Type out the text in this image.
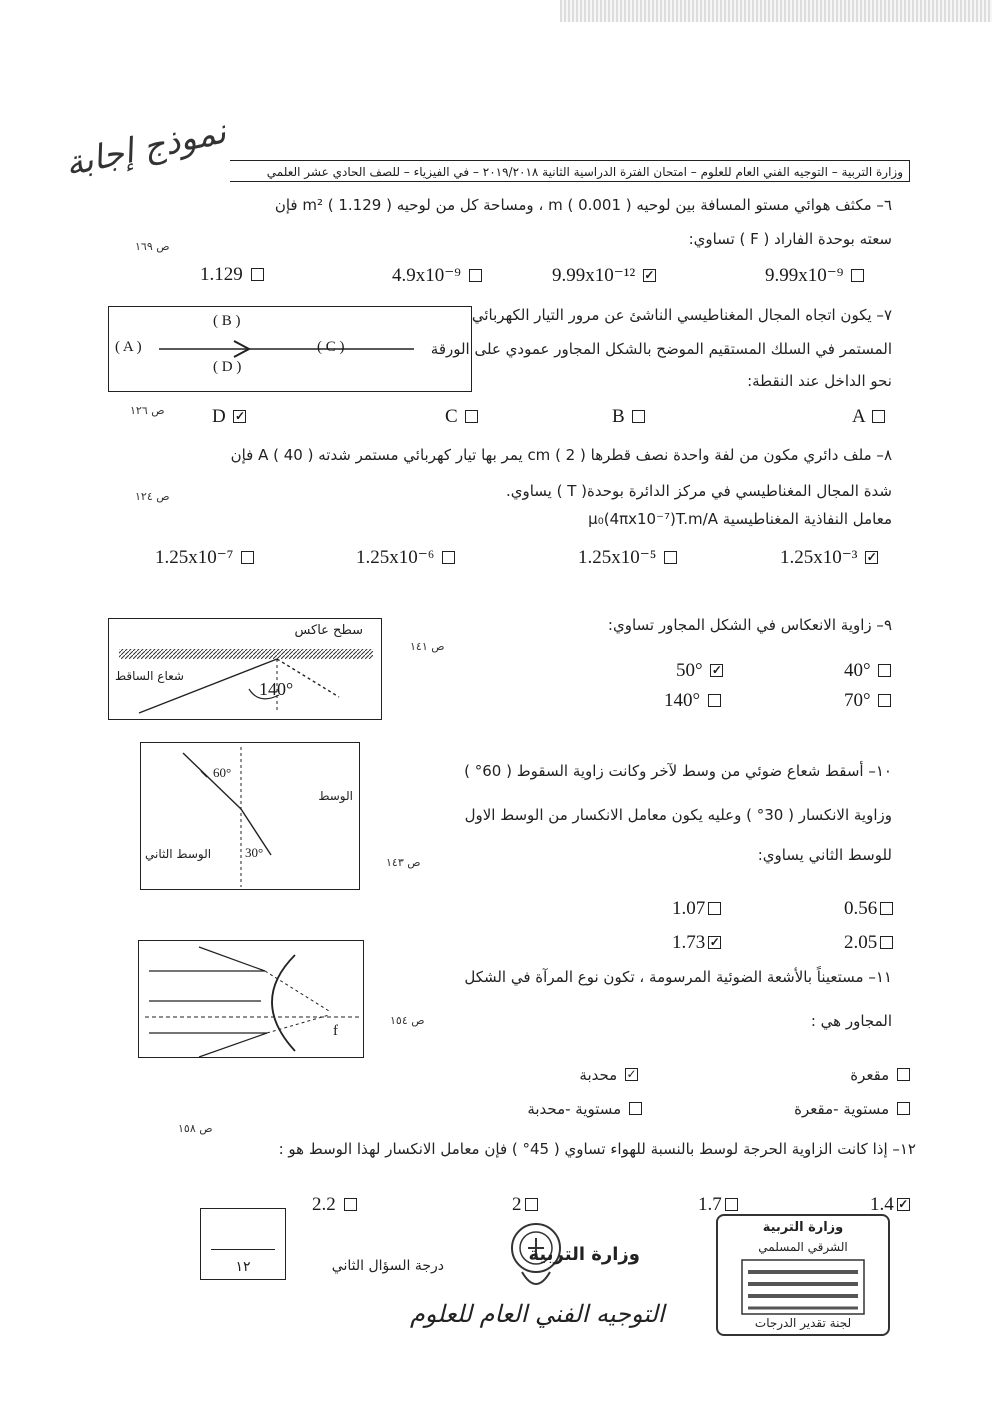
نموذج إجابة	وزارة التربية – التوجيه الفني العام للعلوم – امتحان الفترة الدراسية الثانية ٢٠١٩/٢٠١٨ – في الفيزياء – للصف الحادي عشر العلمي
٦– مكثف هوائي مستو المسافة بين لوحيه m ( 0.001 ) ، ومساحة كل من لوحيه ( 1.129 ) m² فإن
سعته بوحدة الفاراد ( F ) تساوي:
ص ١٦٩
9.99x10⁻⁹
9.99x10⁻¹² ✓
4.9x10⁻⁹
1.129
( B )
( A )	( C )
( D )
٧– يكون اتجاه المجال المغناطيسي الناشئ عن مرور التيار الكهربائي
المستمر في السلك المستقيم الموضح بالشكل المجاور عمودي على الورقة
نحو الداخل عند النقطة:
ص ١٢٦	A
B
C
D ✓
٨– ملف دائري مكون من لفة واحدة نصف قطرها cm ( 2 ) يمر بها تيار كهربائي مستمر شدته A ( 40 ) فإن
شدة المجال المغناطيسي في مركز الدائرة بوحدة( T ) يساوي.
معامل النفاذية المغناطيسية μ₀(4πx10⁻⁷)T.m/A
ص ١٢٤
1.25x10⁻³ ✓
1.25x10⁻⁵
1.25x10⁻⁶
1.25x10⁻⁷
سطح عاكس
شعاع الساقط
140°
٩– زاوية الانعكاس في الشكل المجاور تساوي:
ص ١٤١
40°
50° ✓
70°
140°
60°
30°
الوسط
الوسط الثاني
١٠– أسقط شعاع ضوئي من وسط لآخر وكانت زاوية السقوط ( 60° )
وزاوية الانكسار ( 30° ) وعليه يكون معامل الانكسار من الوسط الاول
للوسط الثاني يساوي:
ص ١٤٣
0.56
1.07
2.05
1.73 ✓
f
١١– مستعيناً بالأشعة الضوئية المرسومة ، تكون نوع المرآة في الشكل
المجاور هي :
ص ١٥٤
مقعرة
✓ محدبة
مستوية -مقعرة
مستوية -محدبة
ص ١٥٨
١٢– إذا كانت الزاوية الحرجة لوسط بالنسبة للهواء تساوي ( 45° ) فإن معامل الانكسار لهذا الوسط هو :
1.4 ✓
1.7
2
2.2
١٢	درجة السؤال الثاني
وزارة التربية
وزارة التربية
الشرقي المسلمي
لجنة تقدير الدرجات
التوجيه الفني العام للعلوم
